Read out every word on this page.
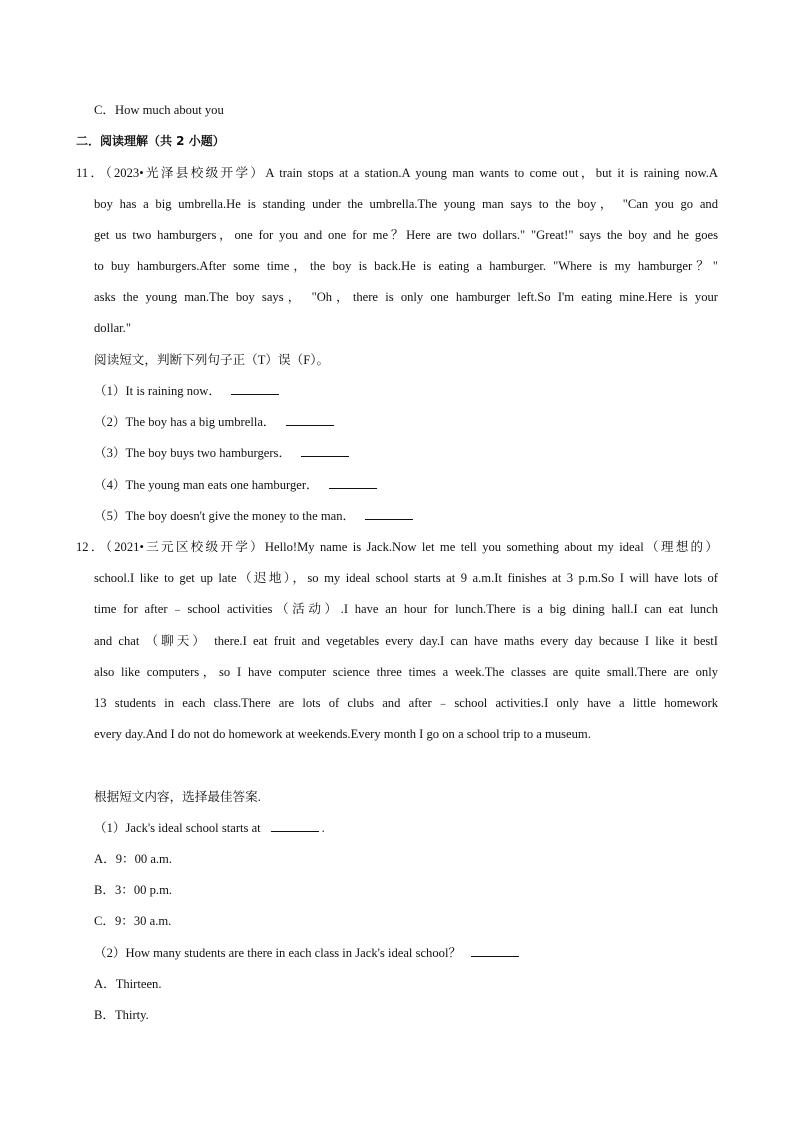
C．How much about you
二．阅读理解（共 2 小题）
11．（2023•光泽县校级开学）A train stops at a station.A young man wants to come out，but it is raining now.A
boy has a big umbrella.He is standing under the umbrella.The young man says to the boy， "Can you go and
get us two hamburgers，one for you and one for me？Here are two dollars." "Great!" says the boy and he goes
to buy hamburgers.After some time，the boy is back.He is eating a hamburger. "Where is my hamburger？"
asks the young man.The boy says， "Oh，there is only one hamburger left.So I'm eating mine.Here is your
dollar."
阅读短文，判断下列句子正（T）误（F）。
（1）It is raining now．
（2）The boy has a big umbrella．
（3）The boy buys two hamburgers．
（4）The young man eats one hamburger．
（5）The boy doesn't give the money to the man．
12．（2021•三元区校级开学）Hello!My name is Jack.Now let me tell you something about my ideal（理想的）
school.I like to get up late（迟地），so my ideal school starts at 9 a.m.It finishes at 3 p.m.So I will have lots of
time for after﹣school activities（活动）.I have an hour for lunch.There is a big dining hall.I can eat lunch
and chat （聊天） there.I eat fruit and vegetables every day.I can have maths every day because I like it bestI
also like computers，so I have computer science three times a week.The classes are quite small.There are only
13 students in each class.There are lots of clubs and after﹣school activities.I only have a little homework
every day.And I do not do homework at weekends.Every month I go on a school trip to a museum.
根据短文内容，选择最佳答案.
（1）Jack's ideal school starts at	.
A．9：00 a.m.
B．3：00 p.m.
C．9：30 a.m.
（2）How many students are there in each class in Jack's ideal school？
A．Thirteen.
B．Thirty.
